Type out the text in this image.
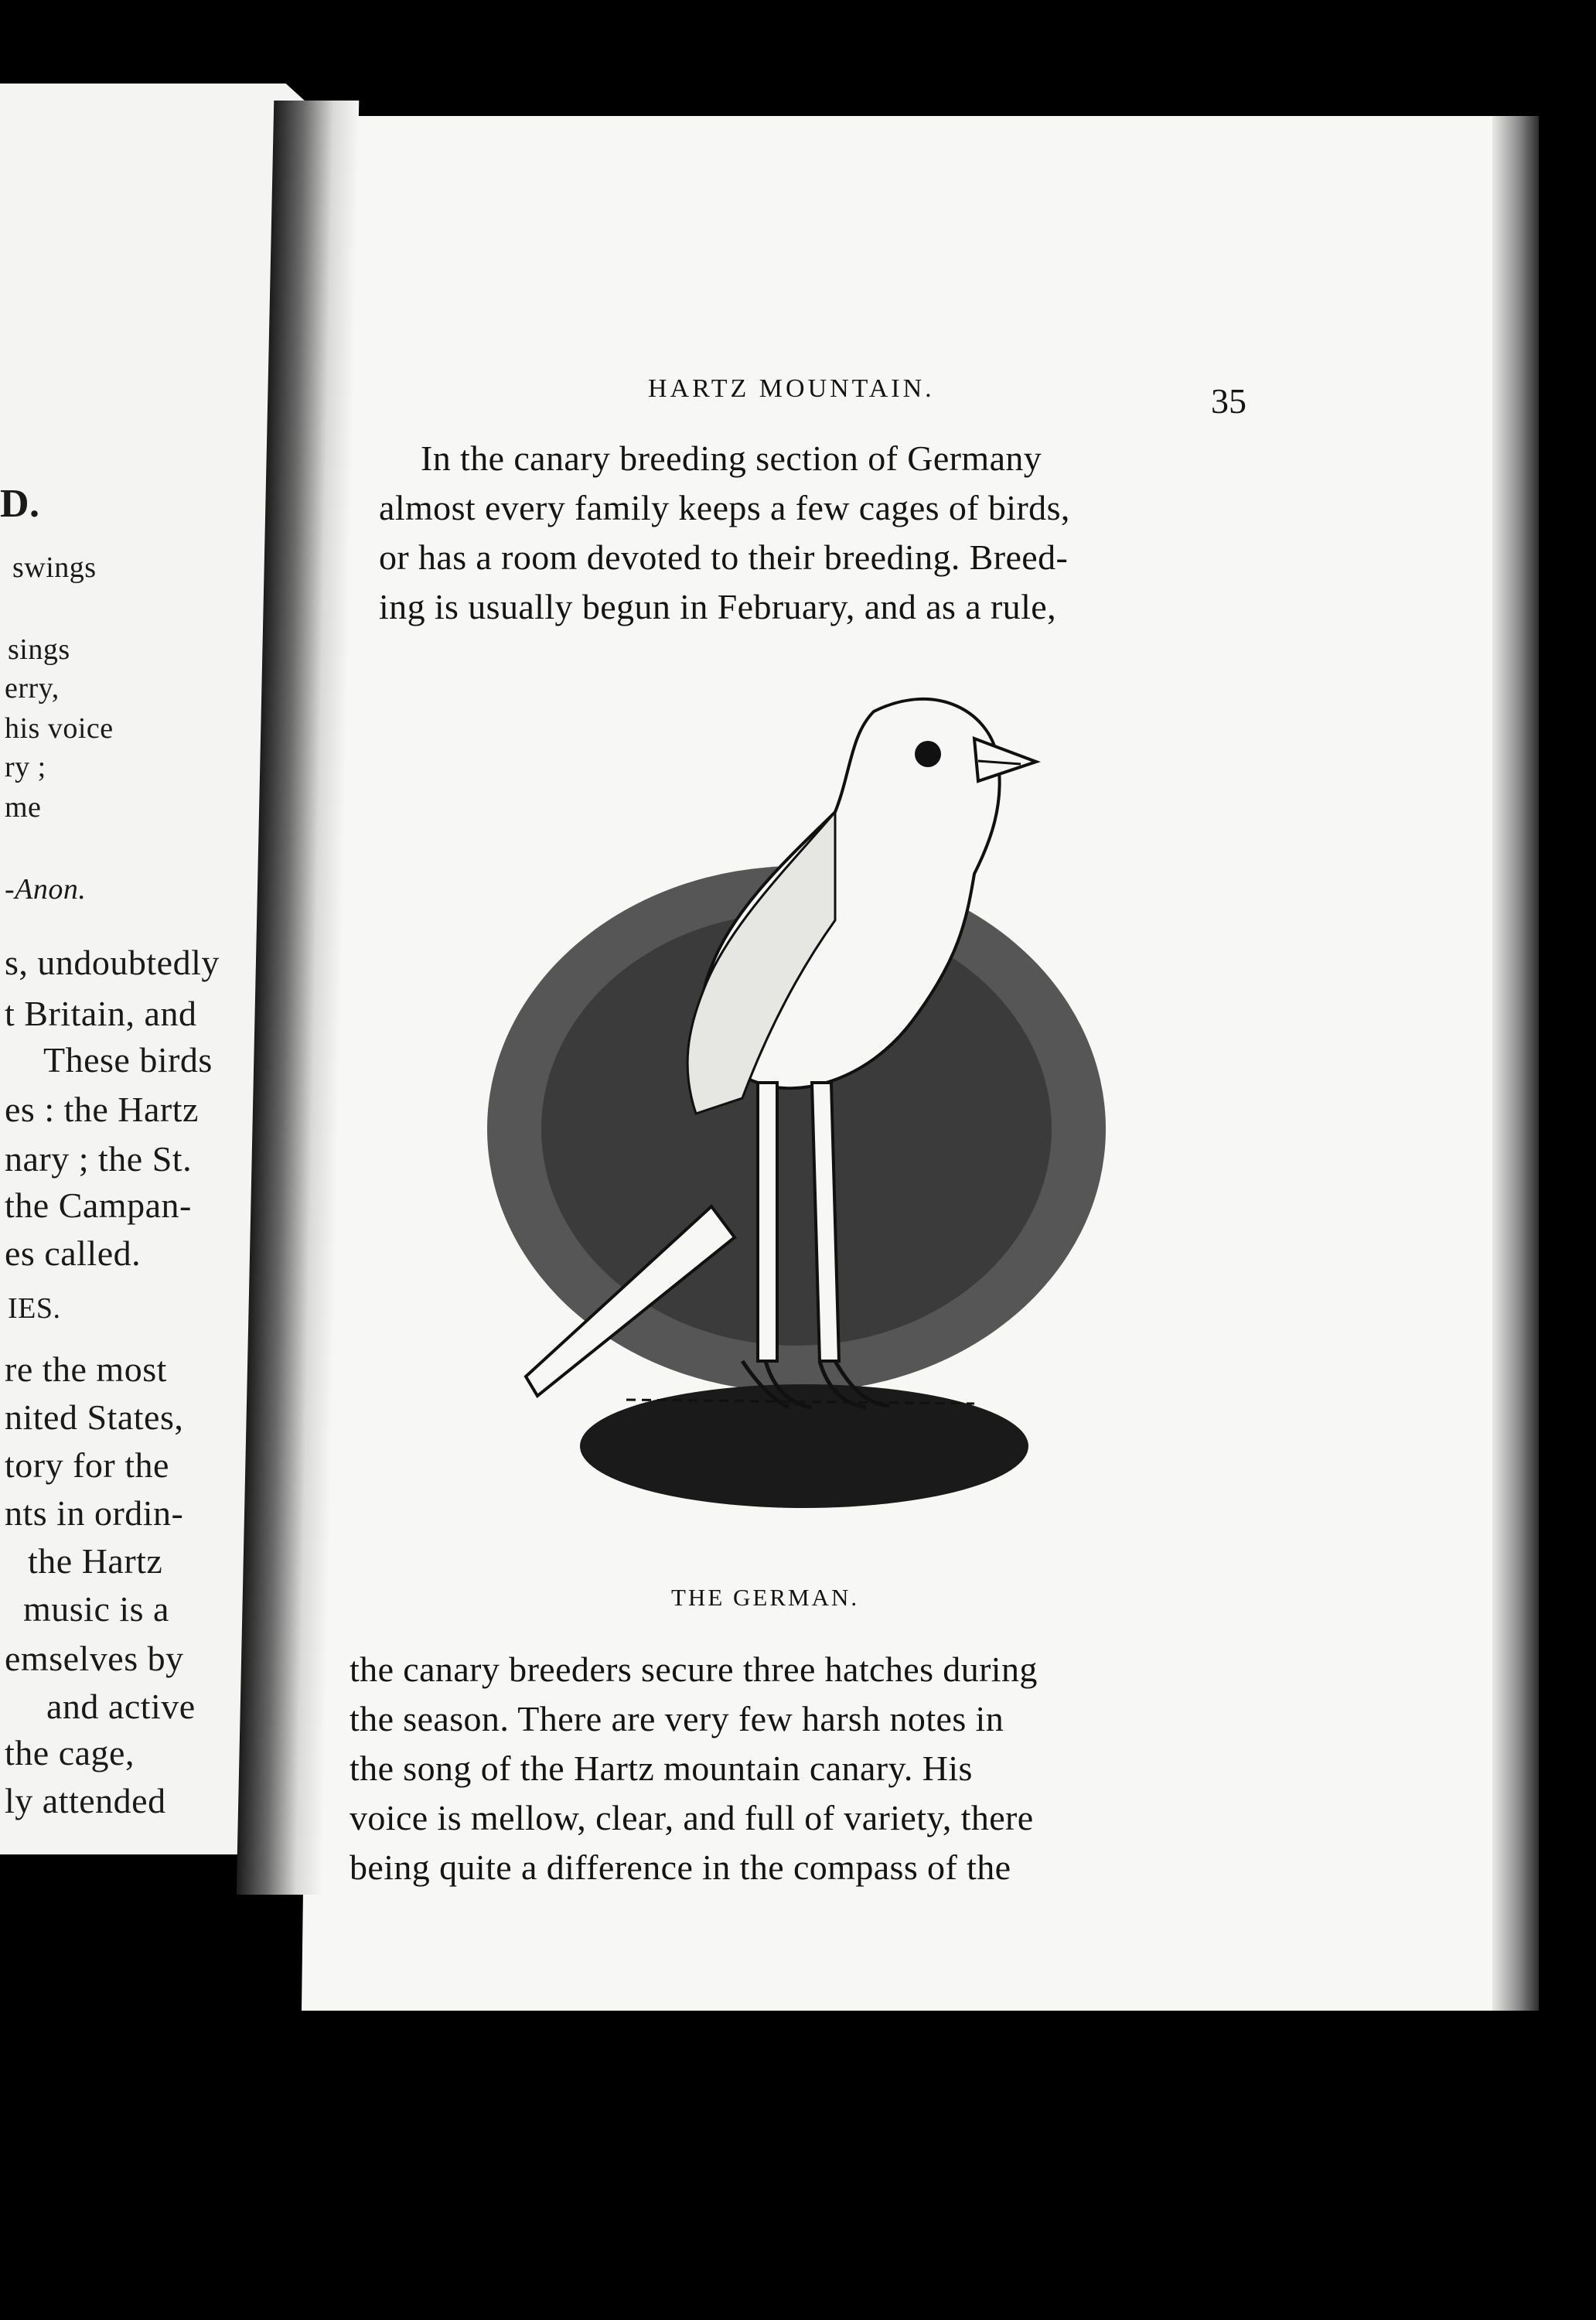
D.
swings
sings
erry,
his voice
ry ;
me
-Anon.
s, undoubtedly
t Britain, and
These birds
es : the Hartz
nary ; the St.
the Campan-
es called.
IES.
re the most
nited States,
tory for the
nts in ordin-
the Hartz
music is a
emselves by
and active
the cage,
ly attended
HARTZ MOUNTAIN.	35
In the canary breeding section of Germany
almost every family keeps a few cages of birds,
or has a room devoted to their breeding. Breed-
ing is usually begun in February, and as a rule,
THE GERMAN.
the canary breeders secure three hatches during
the season. There are very few harsh notes in
the song of the Hartz mountain canary. His
voice is mellow, clear, and full of variety, there
being quite a difference in the compass of the
